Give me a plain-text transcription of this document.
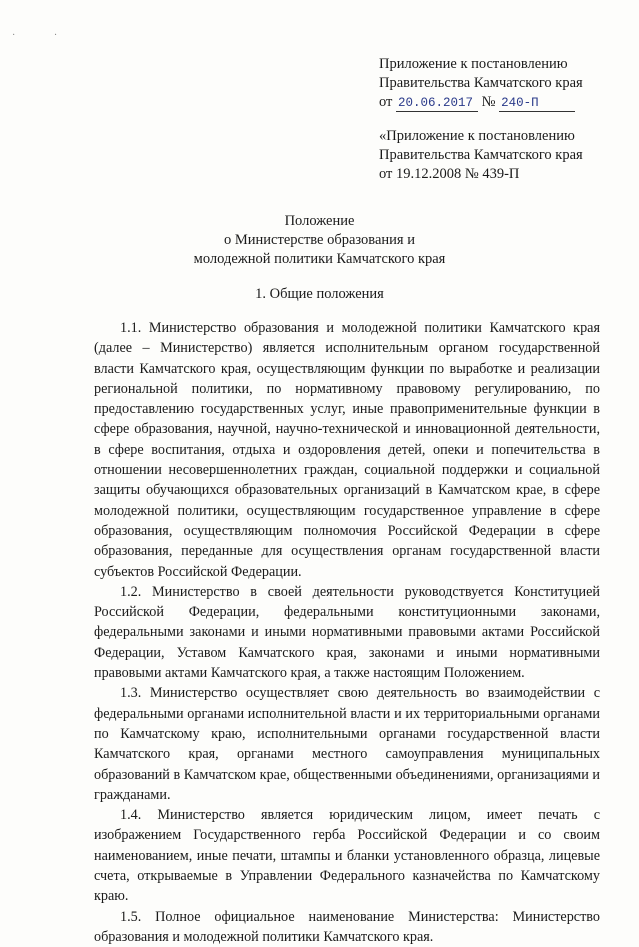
· ·
Приложение к постановлению
Правительства Камчатского края
от 20.06.2017 № 240-П
«Приложение к постановлению
Правительства Камчатского края
от 19.12.2008 № 439-П
Положение
о Министерстве образования и
молодежной политики Камчатского края
1. Общие положения

1.1. Министерство образования и молодежной политики Камчатского края (далее – Министерство) является исполнительным органом государственной власти Камчатского края, осуществляющим функции по выработке и реализации региональной политики, по нормативному правовому регулированию, по предоставлению государственных услуг, иные правоприменительные функции в сфере образования, научной, научно-технической и инновационной деятельности, в сфере воспитания, отдыха и оздоровления детей, опеки и попечительства в отношении несовершеннолетних граждан, социальной поддержки и социальной защиты обучающихся образовательных организаций в Камчатском крае, в сфере молодежной политики, осуществляющим государственное управление в сфере образования, осуществляющим полномочия Российской Федерации в сфере образования, переданные для осуществления органам государственной власти субъектов Российской Федерации.

1.2. Министерство в своей деятельности руководствуется Конституцией Российской Федерации, федеральными конституционными законами, федеральными законами и иными нормативными правовыми актами Российской Федерации, Уставом Камчатского края, законами и иными нормативными правовыми актами Камчатского края, а также настоящим Положением.

1.3. Министерство осуществляет свою деятельность во взаимодействии с федеральными органами исполнительной власти и их территориальными органами по Камчатскому краю, исполнительными органами государственной власти Камчатского края, органами местного самоуправления муниципальных образований в Камчатском крае, общественными объединениями, организациями и гражданами.

1.4. Министерство является юридическим лицом, имеет печать с изображением Государственного герба Российской Федерации и со своим наименованием, иные печати, штампы и бланки установленного образца, лицевые счета, открываемые в Управлении Федерального казначейства по Камчатскому краю.

1.5. Полное официальное наименование Министерства: Министерство образования и молодежной политики Камчатского края.
